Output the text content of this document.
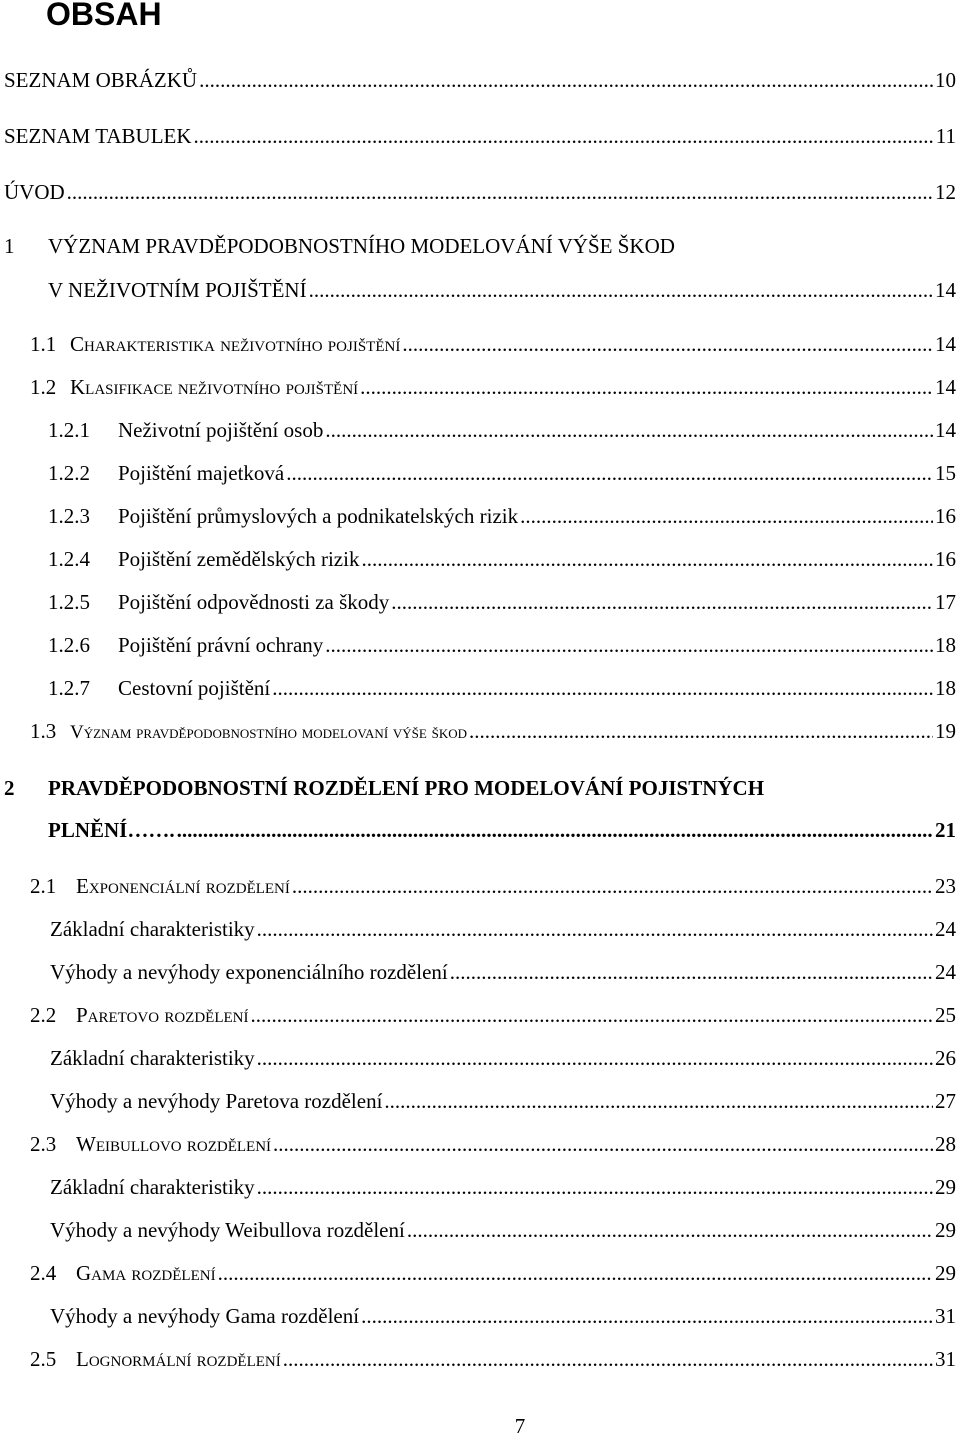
OBSAH
SEZNAM OBRÁZKŮ .....	10
SEZNAM TABULEK .....	11
ÚVOD .....	12
1 VÝZNAM PRAVDĚPODOBNOSTNÍHO MODELOVÁNÍ VÝŠE ŠKOD
V NEŽIVOTNÍM POJIŠTĚNÍ .....	14
1.1 Charakteristika neživotního pojištění .....	14
1.2 Klasifikace neživotního pojištění .....	14
1.2.1 Neživotní pojištění osob .....	14
1.2.2 Pojištění majetková .....	15
1.2.3 Pojištění průmyslových a podnikatelských rizik .....	16
1.2.4 Pojištění zemědělských rizik .....	16
1.2.5 Pojištění odpovědnosti za škody .....	17
1.2.6 Pojištění právní ochrany .....	18
1.2.7 Cestovní pojištění .....	18
1.3 Význam pravděpodobnostního modelovaní výše škod .....	19
2 PRAVDĚPODOBNOSTNÍ ROZDĚLENÍ PRO MODELOVÁNÍ POJISTNÝCH
PLNĚNÍ……. .....	21
2.1 Exponenciální rozdělení .....	23
Základní charakteristiky .....	24
Výhody a nevýhody exponenciálního rozdělení .....	24
2.2 Paretovo rozdělení .....	25
Základní charakteristiky .....	26
Výhody a nevýhody Paretova rozdělení .....	27
2.3 Weibullovo rozdělení .....	28
Základní charakteristiky .....	29
Výhody a nevýhody Weibullova rozdělení .....	29
2.4 Gama rozdělení .....	29
Výhody a nevýhody Gama rozdělení .....	31
2.5 Lognormální rozdělení .....	31
7
